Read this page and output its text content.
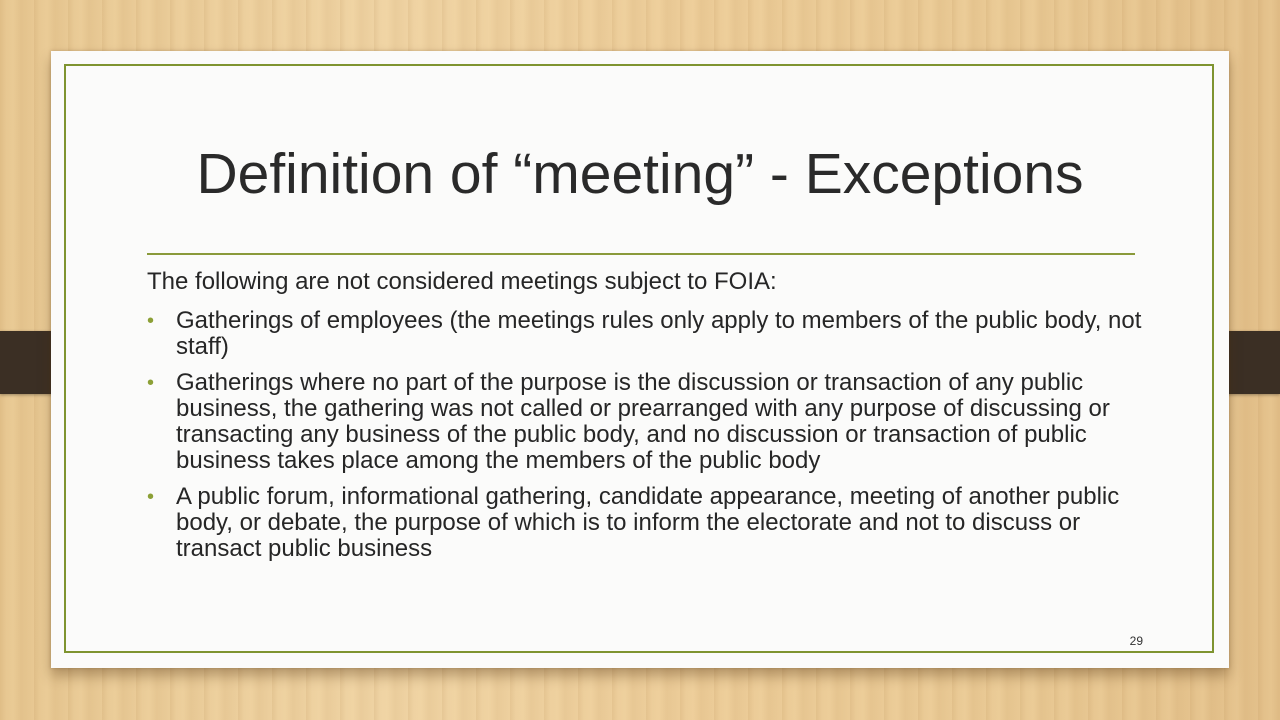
Definition of “meeting” - Exceptions

The following are not considered meetings subject to FOIA:

• Gatherings of employees (the meetings rules only apply to members of the public body, not staff)
• Gatherings where no part of the purpose is the discussion or transaction of any public business, the gathering was not called or prearranged with any purpose of discussing or transacting any business of the public body, and no discussion or transaction of public business takes place among the members of the public body
• A public forum, informational gathering, candidate appearance, meeting of another public body, or debate, the purpose of which is to inform the electorate and not to discuss or transact public business
29
